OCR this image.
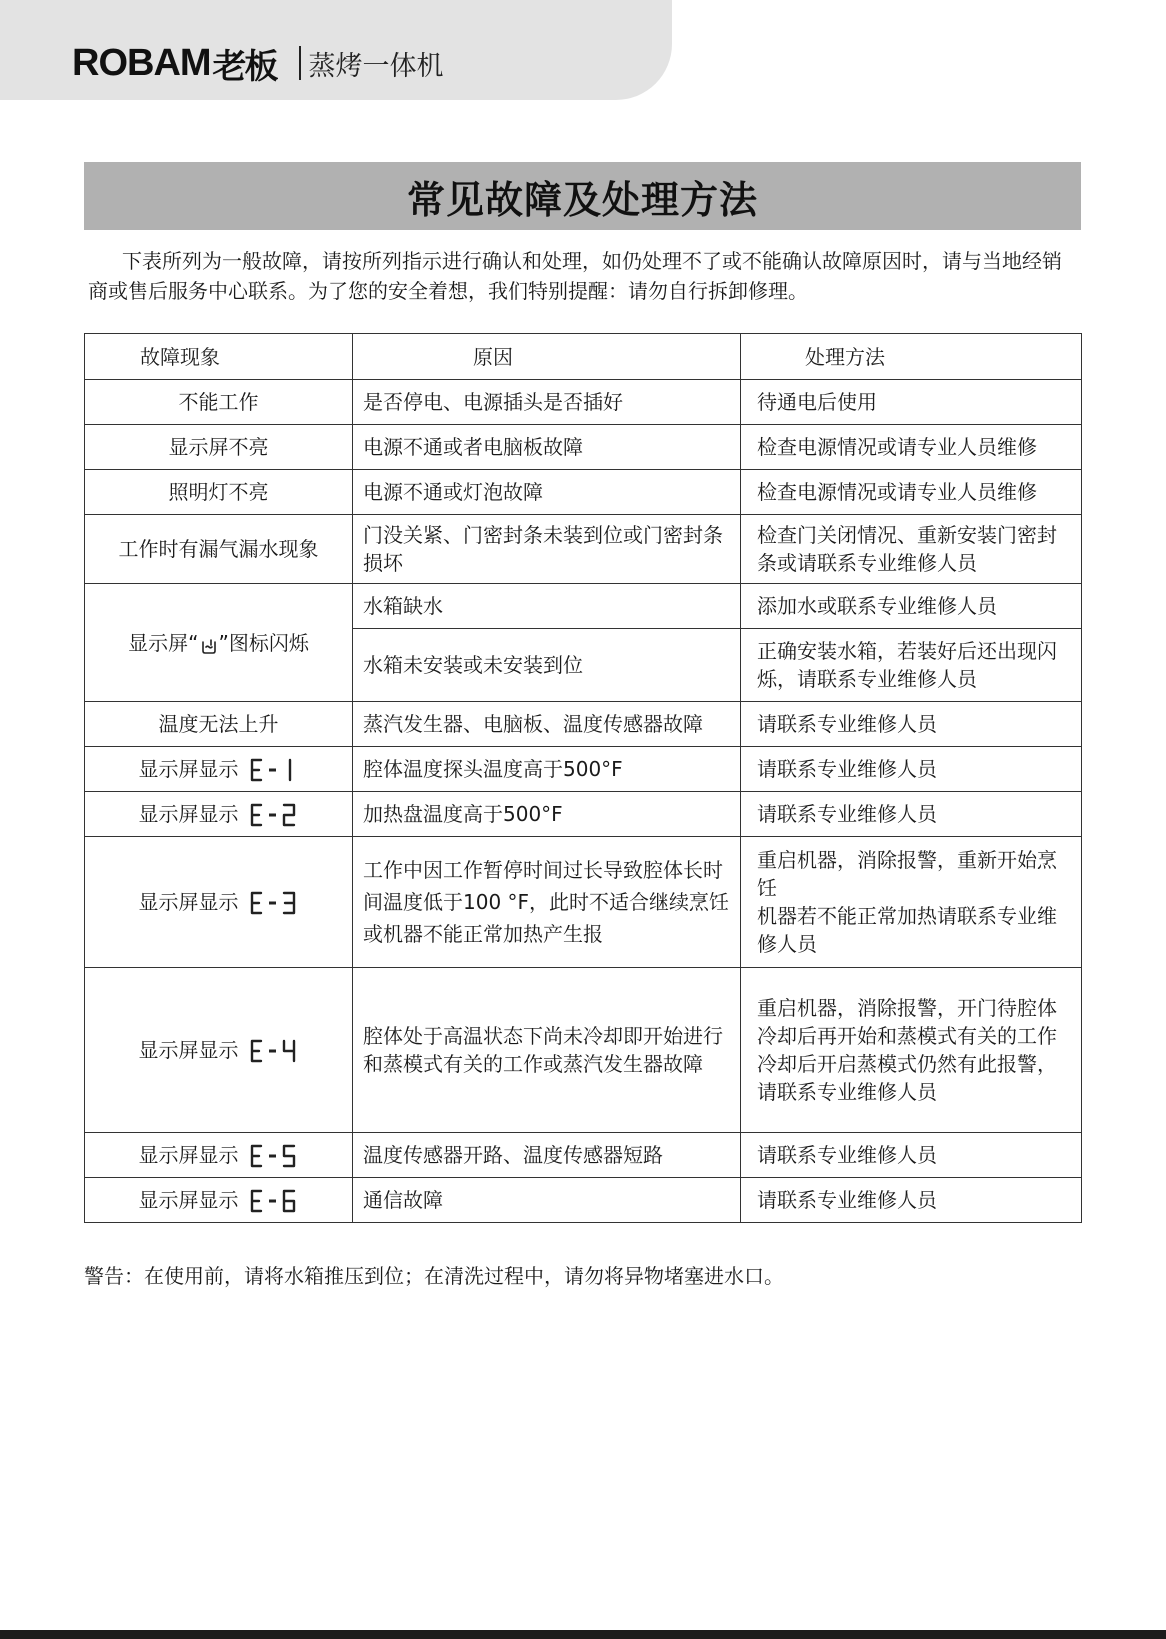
ROBAM 老板 蒸烤一体机
常见故障及处理方法

下表所列为一般故障，请按所列指示进行确认和处理，如仍处理不了或不能确认故障原因时，请与当地经销商或售后服务中心联系。为了您的安全着想，我们特别提醒：请勿自行拆卸修理。

故障现象	原因	处理方法
不能工作	是否停电、电源插头是否插好	待通电后使用
显示屏不亮	电源不通或者电脑板故障	检查电源情况或请专业人员维修
照明灯不亮	电源不通或灯泡故障	检查电源情况或请专业人员维修
工作时有漏气漏水现象	门没关紧、门密封条未装到位或门密封条损坏	检查门关闭情况、重新安装门密封条或请联系专业维修人员
显示屏“ ”图标闪烁	水箱缺水	添加水或联系专业维修人员
	水箱未安装或未安装到位	正确安装水箱，若装好后还出现闪烁，请联系专业维修人员
温度无法上升	蒸汽发生器、电脑板、温度传感器故障	请联系专业维修人员
显示屏显示	腔体温度探头温度高于500°F	请联系专业维修人员
显示屏显示	加热盘温度高于500°F	请联系专业维修人员
显示屏显示	工作中因工作暂停时间过长导致腔体长时间温度低于100 °F，此时不适合继续烹饪或机器不能正常加热产生报	重启机器，消除报警，重新开始烹饪
机器若不能正常加热请联系专业维修人员

显示屏显示	腔体处于高温状态下尚未冷却即开始进行和蒸模式有关的工作或蒸汽发生器故障	重启机器，消除报警，开门待腔体冷却后再开始和蒸模式有关的工作
冷却后开启蒸模式仍然有此报警，请联系专业维修人员

显示屏显示	温度传感器开路、温度传感器短路	请联系专业维修人员
显示屏显示	通信故障	请联系专业维修人员

警告：在使用前，请将水箱推压到位；在清洗过程中，请勿将异物堵塞进水口。
